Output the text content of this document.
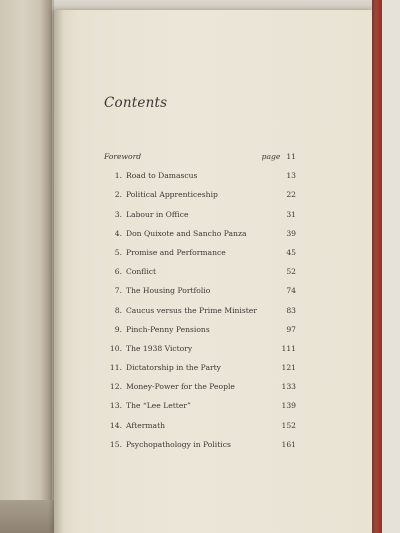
Contents
Foreword	page 11
1. Road to Damascus	13
2. Political Apprenticeship	22
3. Labour in Office	31
4. Don Quixote and Sancho Panza	39
5. Promise and Performance	45
6. Conflict	52
7. The Housing Portfolio	74
8. Caucus versus the Prime Minister	83
9. Pinch-Penny Pensions	97
10. The 1938 Victory	111
11. Dictatorship in the Party	121
12. Money-Power for the People	133
13. The “Lee Letter”	139
14. Aftermath	152
15. Psychopathology in Politics	161
